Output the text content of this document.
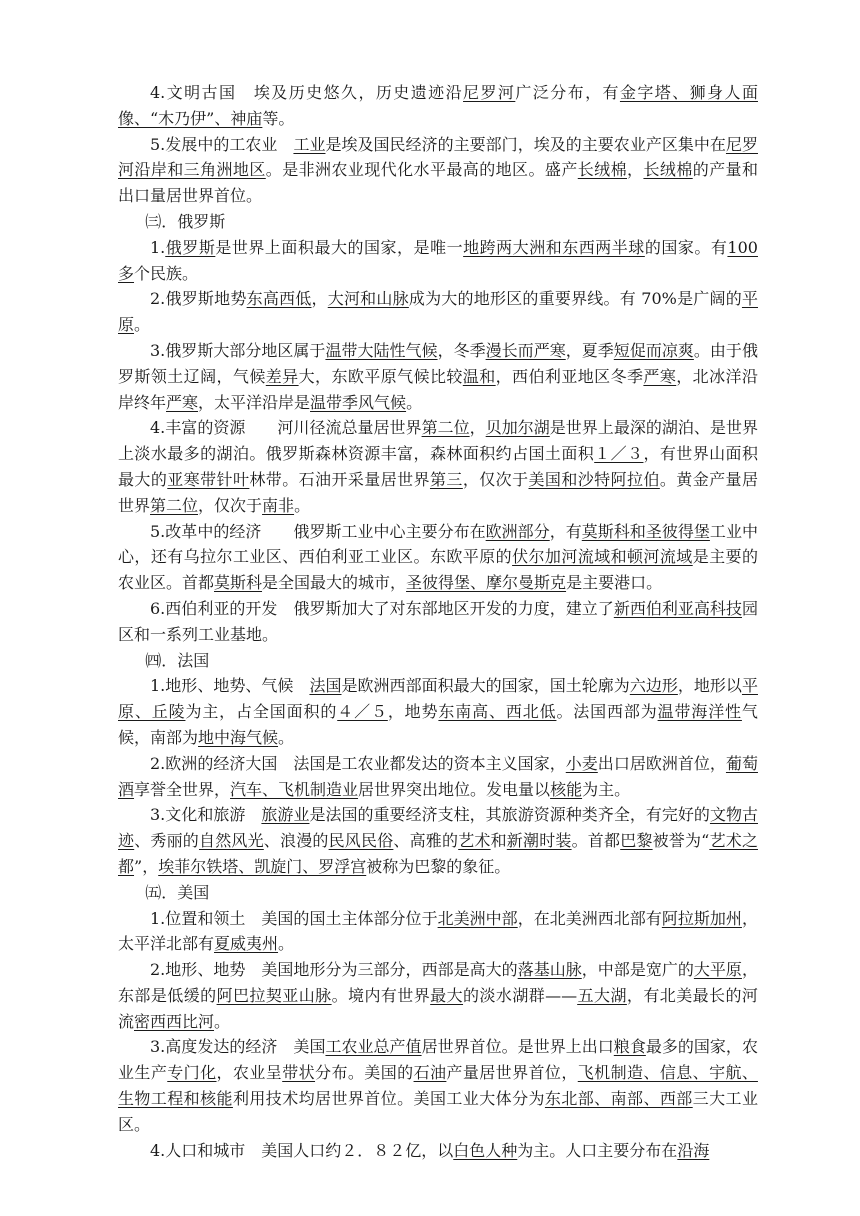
4.文明古国　埃及历史悠久，历史遗迹沿尼罗河广泛分布，有金字塔、狮身人面像、“木乃伊”、神庙等。

5.发展中的工农业　工业是埃及国民经济的主要部门，埃及的主要农业产区集中在尼罗河沿岸和三角洲地区。是非洲农业现代化水平最高的地区。盛产长绒棉，长绒棉的产量和出口量居世界首位。

㈢．俄罗斯

1.俄罗斯是世界上面积最大的国家，是唯一地跨两大洲和东西两半球的国家。有100 多个民族。

2.俄罗斯地势东高西低，大河和山脉成为大的地形区的重要界线。有 70%是广阔的平原。

3.俄罗斯大部分地区属于温带大陆性气候，冬季漫长而严寒，夏季短促而凉爽。由于俄罗斯领土辽阔，气候差异大，东欧平原气候比较温和，西伯利亚地区冬季严寒，北冰洋沿岸终年严寒，太平洋沿岸是温带季风气候。

4.丰富的资源　　河川径流总量居世界第二位，贝加尔湖是世界上最深的湖泊、是世界上淡水最多的湖泊。俄罗斯森林资源丰富，森林面积约占国土面积１／３，有世界山面积最大的亚寒带针叶林带。石油开采量居世界第三，仅次于美国和沙特阿拉伯。黄金产量居世界第二位，仅次于南非。

5.改革中的经济　　俄罗斯工业中心主要分布在欧洲部分，有莫斯科和圣彼得堡工业中心，还有乌拉尔工业区、西伯利亚工业区。东欧平原的伏尔加河流域和顿河流域是主要的农业区。首都莫斯科是全国最大的城市，圣彼得堡、摩尔曼斯克是主要港口。

6.西伯利亚的开发　俄罗斯加大了对东部地区开发的力度，建立了新西伯利亚高科技园区和一系列工业基地。

㈣．法国

1.地形、地势、气候　法国是欧洲西部面积最大的国家，国土轮廓为六边形，地形以平原、丘陵为主，占全国面积的４／５，地势东南高、西北低。法国西部为温带海洋性气候，南部为地中海气候。

2.欧洲的经济大国　法国是工农业都发达的资本主义国家，小麦出口居欧洲首位，葡萄酒享誉全世界，汽车、飞机制造业居世界突出地位。发电量以核能为主。

3.文化和旅游　旅游业是法国的重要经济支柱，其旅游资源种类齐全，有完好的文物古迹、秀丽的自然风光、浪漫的民风民俗、高雅的艺术和新潮时装。首都巴黎被誉为“艺术之都”，埃菲尔铁塔、凯旋门、罗浮宫被称为巴黎的象征。

㈤．美国

1.位置和领土　美国的国土主体部分位于北美洲中部，在北美洲西北部有阿拉斯加州，太平洋北部有夏威夷州。

2.地形、地势　美国地形分为三部分，西部是高大的落基山脉，中部是宽广的大平原，东部是低缓的阿巴拉契亚山脉。境内有世界最大的淡水湖群——五大湖，有北美最长的河流密西西比河。

3.高度发达的经济　美国工农业总产值居世界首位。是世界上出口粮食最多的国家，农业生产专门化，农业呈带状分布。美国的石油产量居世界首位，飞机制造、信息、宇航、生物工程和核能利用技术均居世界首位。美国工业大体分为东北部、南部、西部三大工业区。

4.人口和城市　美国人口约２．８２亿，以白色人种为主。人口主要分布在沿海
